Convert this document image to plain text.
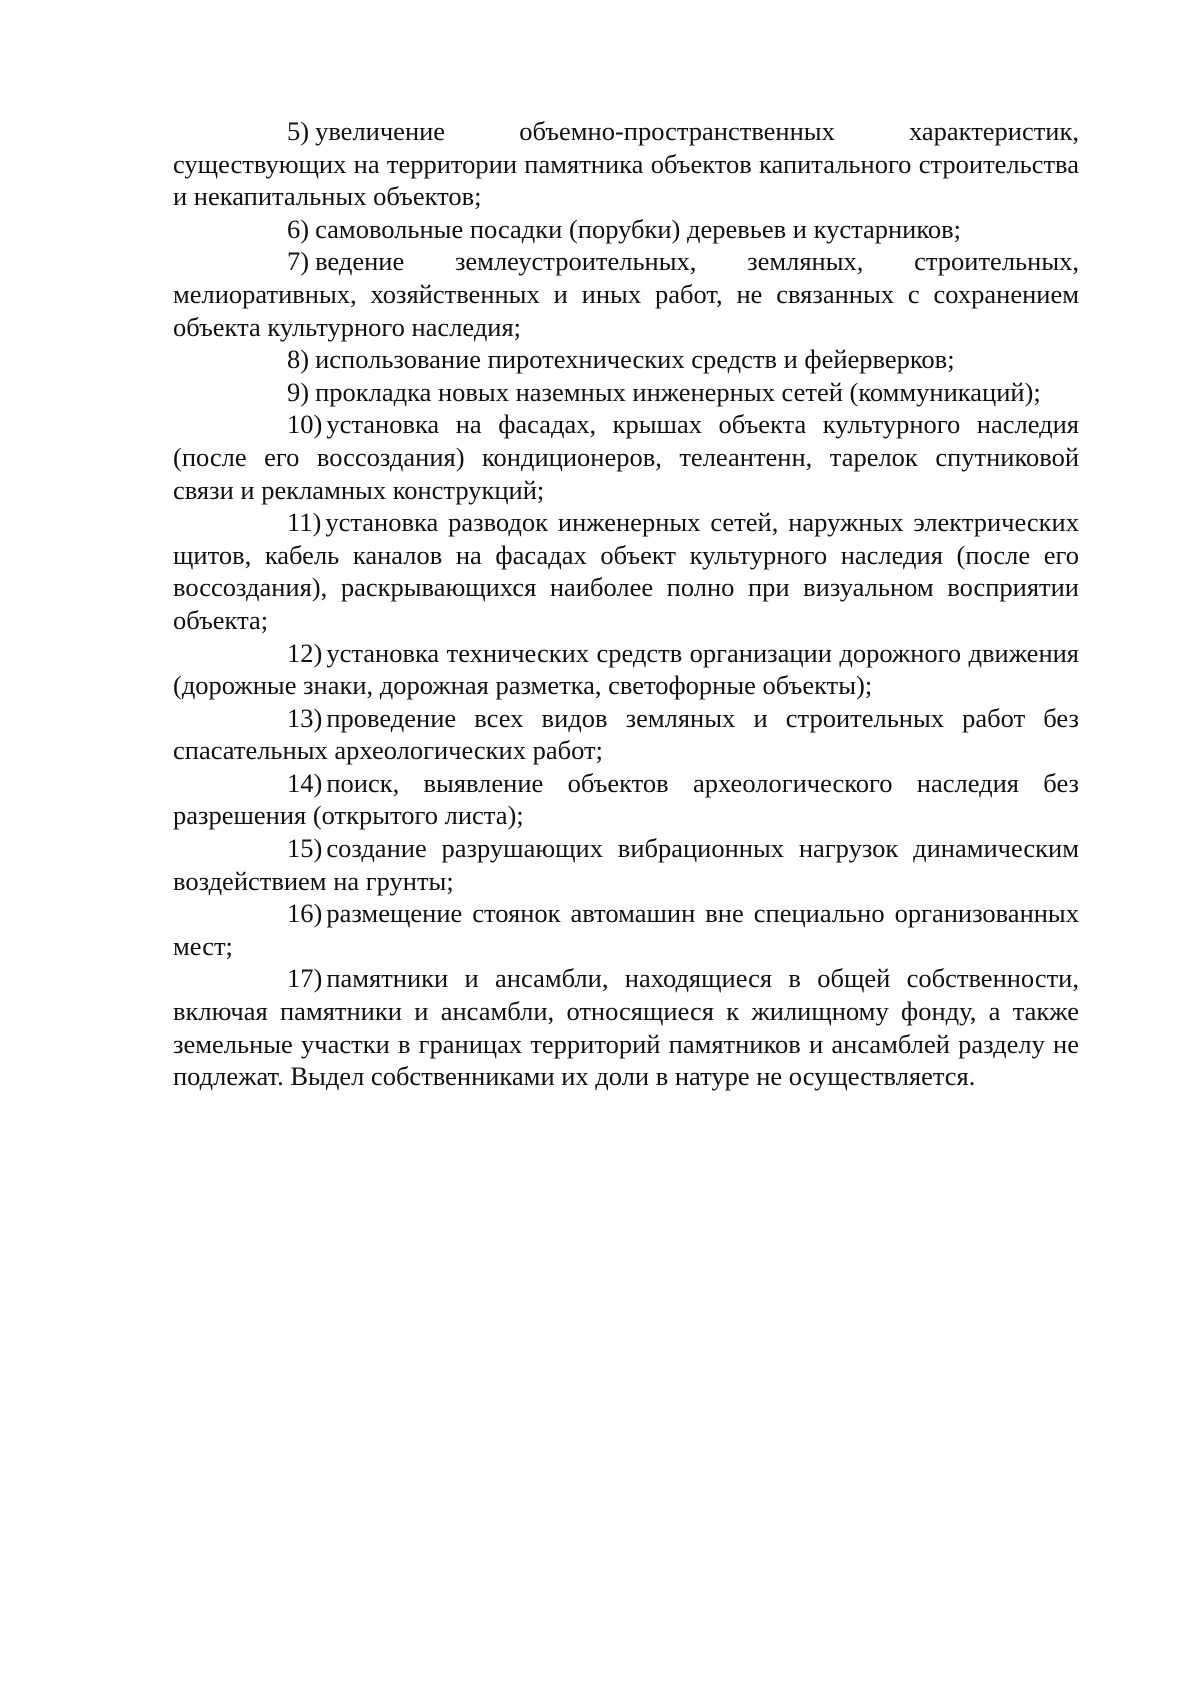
5) увеличение объемно-пространственных характеристик, существующих на территории памятника объектов капитального строительства и некапитальных объектов;

6) самовольные посадки (порубки) деревьев и кустарников;

7) ведение землеустроительных, земляных, строительных, мелиоративных, хозяйственных и иных работ, не связанных с сохранением объекта культурного наследия;

8) использование пиротехнических средств и фейерверков;

9) прокладка новых наземных инженерных сетей (коммуникаций);

10) установка на фасадах, крышах объекта культурного наследия (после его воссоздания) кондиционеров, телеантенн, тарелок спутниковой связи и рекламных конструкций;

11) установка разводок инженерных сетей, наружных электрических щитов, кабель каналов на фасадах объект культурного наследия (после его воссоздания), раскрывающихся наиболее полно при визуальном восприятии объекта;

12) установка технических средств организации дорожного движения (дорожные знаки, дорожная разметка, светофорные объекты);

13) проведение всех видов земляных и строительных работ без спасательных археологических работ;

14) поиск, выявление объектов археологического наследия без разрешения (открытого листа);

15) создание разрушающих вибрационных нагрузок динамическим воздействием на грунты;

16) размещение стоянок автомашин вне специально организованных мест;

17) памятники и ансамбли, находящиеся в общей собственности, включая памятники и ансамбли, относящиеся к жилищному фонду, а также земельные участки в границах территорий памятников и ансамблей разделу не подлежат. Выдел собственниками их доли в натуре не осуществляется.
